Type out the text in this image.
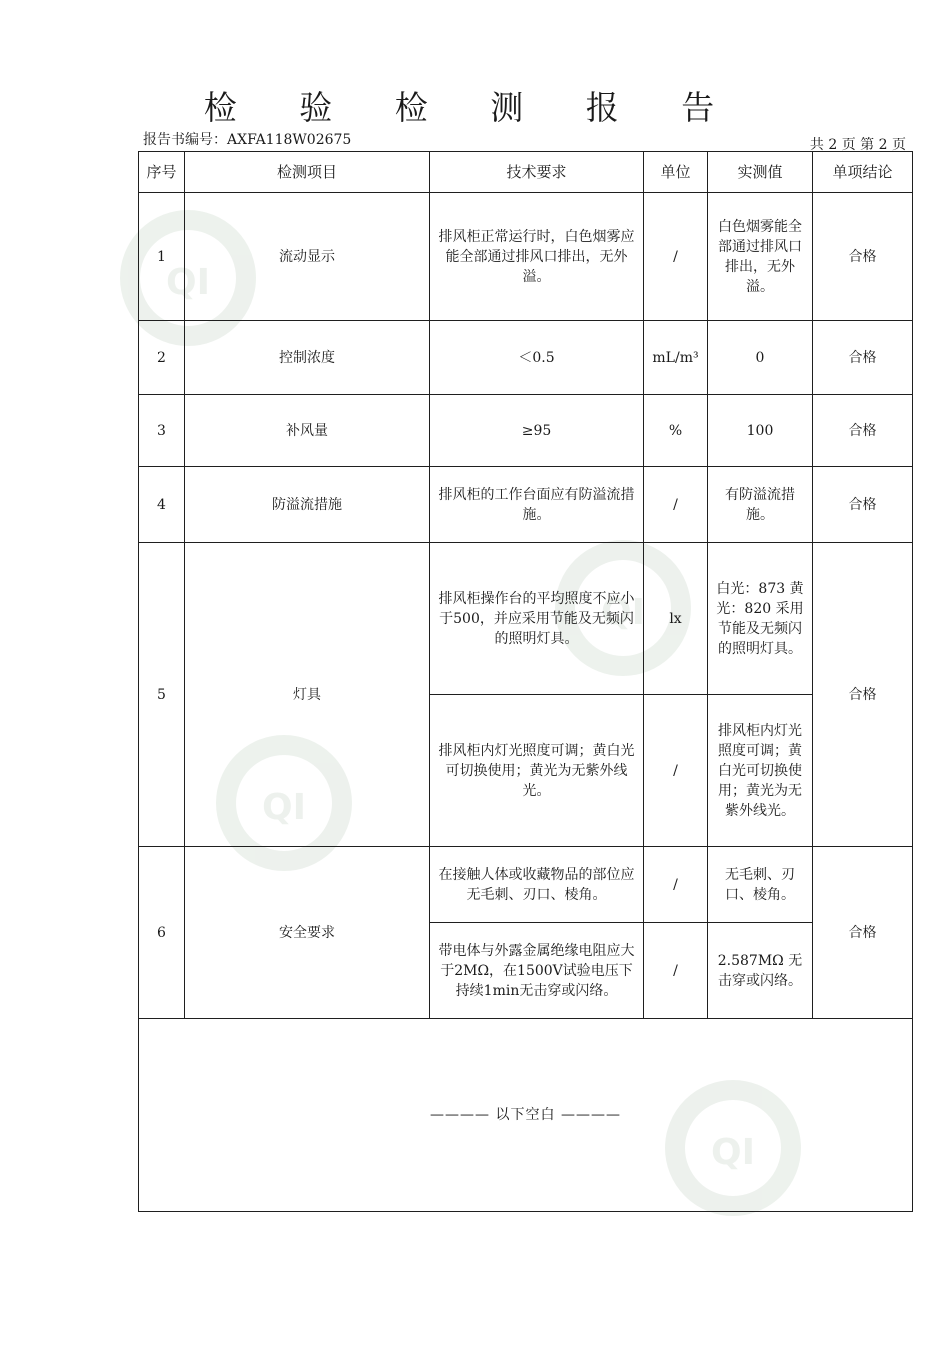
QI
QI
QI
QI
检 验 检 测 报 告
报告书编号：AXFA118W02675	共 2 页 第 2 页
序号	检测项目	技术要求	单位	实测值	单项结论
1	流动显示	排风柜正常运行时，白色烟雾应能全部通过排风口排出，无外溢。	/	白色烟雾能全部通过排风口排出，无外溢。	合格
2	控制浓度	＜0.5	mL/m³	0	合格
3	补风量	≥95	%	100	合格
4	防溢流措施	排风柜的工作台面应有防溢流措施。	/	有防溢流措施。	合格
5	灯具	排风柜操作台的平均照度不应小于500，并应采用节能及无频闪的照明灯具。	lx	白光：873 黄光：820 采用节能及无频闪的照明灯具。	合格
		排风柜内灯光照度可调；黄白光可切换使用；黄光为无紫外线光。	/	排风柜内灯光照度可调；黄白光可切换使用；黄光为无紫外线光。	
6	安全要求	在接触人体或收藏物品的部位应无毛刺、刃口、棱角。	/	无毛刺、刃口、棱角。	合格
		带电体与外露金属绝缘电阻应大于2MΩ，在1500V试验电压下持续1min无击穿或闪络。	/	2.587MΩ 无击穿或闪络。	
———— 以下空白 ————					
